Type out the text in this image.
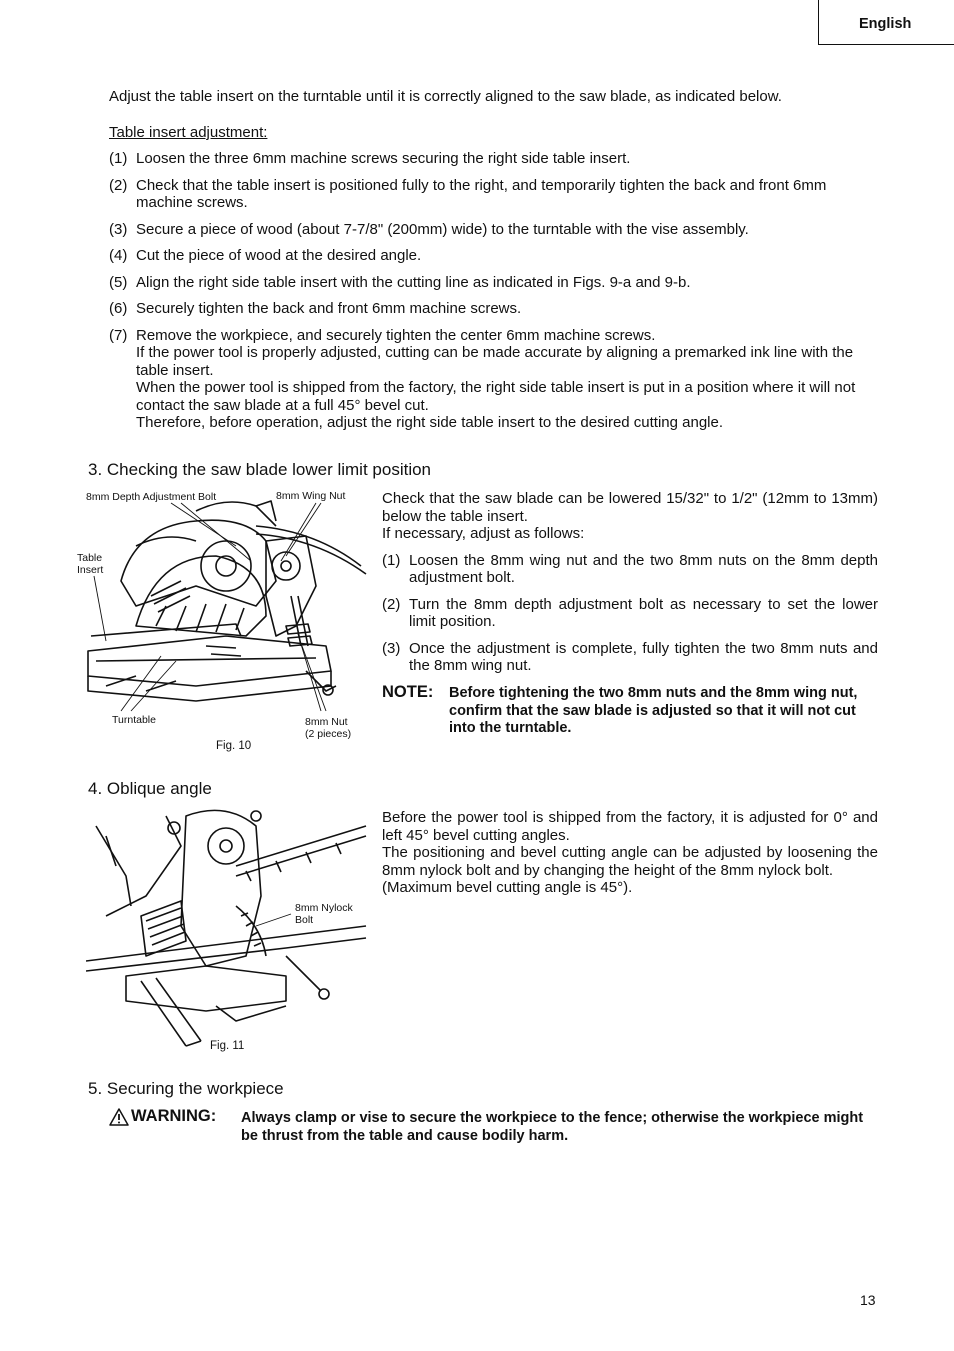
English
Adjust the table insert on the turntable until it is correctly aligned to the saw blade, as indicated below.
Table insert adjustment:
(1) Loosen the three 6mm machine screws securing the right side table insert.
(2) Check that the table insert is positioned fully to the right, and temporarily tighten the back and front 6mm machine screws.
(3) Secure a piece of wood (about 7-7/8" (200mm) wide) to the turntable with the vise assembly.
(4) Cut the piece of wood at the desired angle.
(5) Align the right side table insert with the cutting line as indicated in Figs. 9-a and 9-b.
(6) Securely tighten the back and front 6mm machine screws.
(7) Remove the workpiece, and securely tighten the center 6mm machine screws.
If the power tool is properly adjusted, cutting can be made accurate by aligning a premarked ink line with the table insert.
When the power tool is shipped from the factory, the right side table insert is put in a position where it will not contact the saw blade at a full 45° bevel cut.
Therefore, before operation, adjust the right side table insert to the desired cutting angle.
3. Checking the saw blade lower limit position
8mm Depth Adjustment Bolt	8mm Wing Nut
Table
Insert
Turntable	8mm Nut
(2 pieces)
Fig. 10
Check that the saw blade can be lowered 15/32" to 1/2" (12mm to 13mm) below the table insert.
If necessary, adjust as follows:
(1) Loosen the 8mm wing nut and the two 8mm nuts on the 8mm depth adjustment bolt.
(2) Turn the 8mm depth adjustment bolt as necessary to set the lower limit position.
(3) Once the adjustment is complete, fully tighten the two 8mm nuts and the 8mm wing nut.
NOTE: Before tightening the two 8mm nuts and the 8mm wing nut, confirm that the saw blade is adjusted so that it will not cut into the turntable.
4. Oblique angle
8mm Nylock
Bolt
Fig. 11
Before the power tool is shipped from the factory, it is adjusted for 0° and left 45° bevel cutting angles.
The positioning and bevel cutting angle can be adjusted by loosening the 8mm nylock bolt and by changing the height of the 8mm nylock bolt.
(Maximum bevel cutting angle is 45°).
5. Securing the workpiece
WARNING: Always clamp or vise to secure the workpiece to the fence; otherwise the workpiece might be thrust from the table and cause bodily harm.
13
